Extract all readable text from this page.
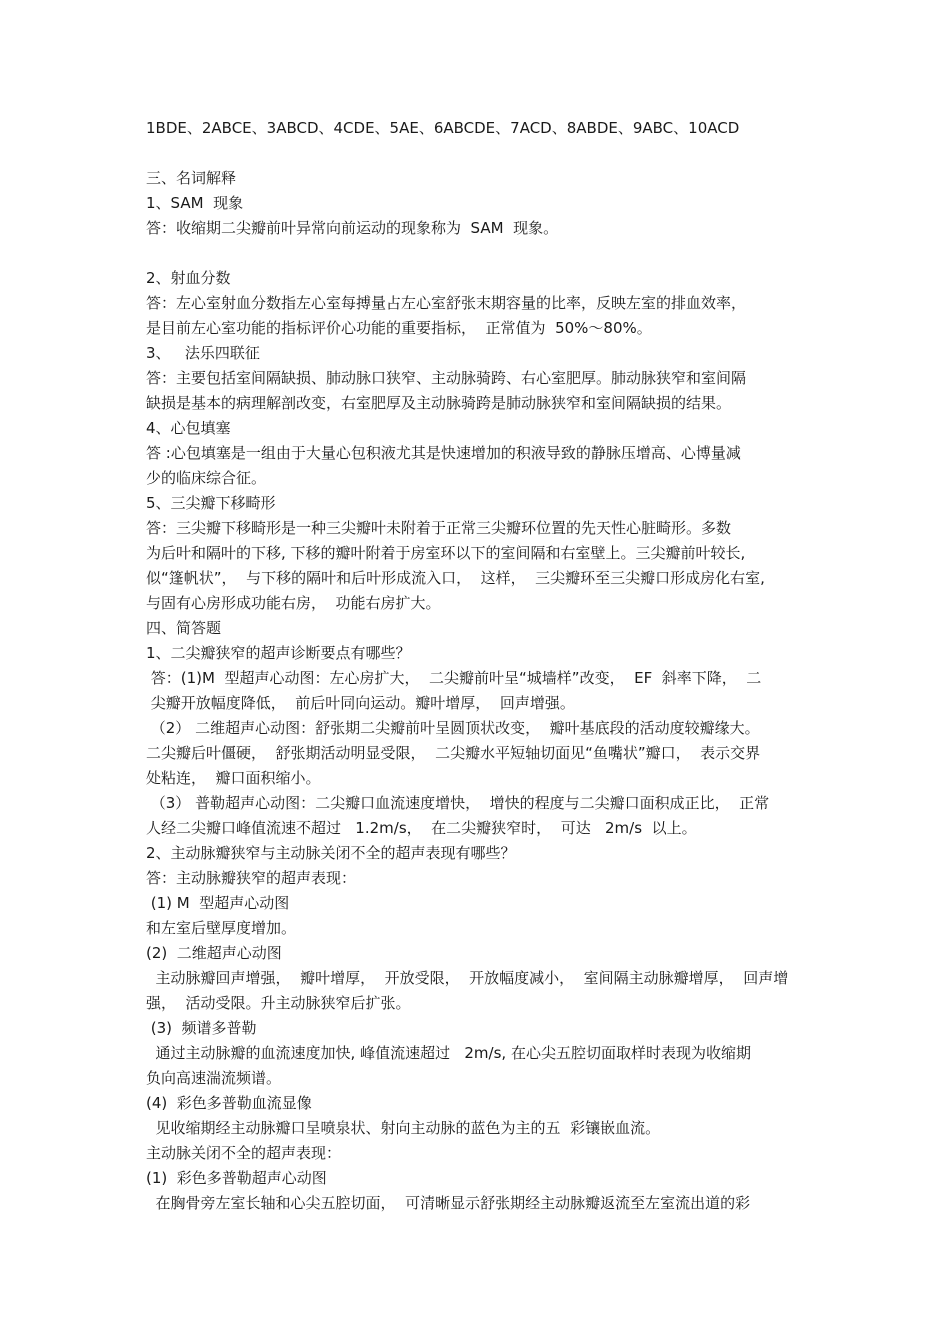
1BDE、2ABCE、3ABCD、4CDE、5AE、6ABCDE、7ACD、8ABDE、9ABC、10ACD
三、名词解释
1、SAM  现象
答：收缩期二尖瓣前叶异常向前运动的现象称为  SAM  现象。
2、射血分数
答：左心室射血分数指左心室每搏量占左心室舒张末期容量的比率，反映左室的排血效率，
是目前左心室功能的指标评价心功能的重要指标，  正常值为  50%～80%。
3、   法乐四联征
答：主要包括室间隔缺损、肺动脉口狭窄、主动脉骑跨、右心室肥厚。肺动脉狭窄和室间隔
缺损是基本的病理解剖改变，右室肥厚及主动脉骑跨是肺动脉狭窄和室间隔缺损的结果。
4、心包填塞
答 :心包填塞是一组由于大量心包积液尤其是快速增加的积液导致的静脉压增高、心博量减
少的临床综合征。
5、三尖瓣下移畸形
答：三尖瓣下移畸形是一种三尖瓣叶未附着于正常三尖瓣环位置的先天性心脏畸形。多数
为后叶和隔叶的下移, 下移的瓣叶附着于房室环以下的室间隔和右室壁上。三尖瓣前叶较长,
似“篷帆状”，  与下移的隔叶和后叶形成流入口，  这样，  三尖瓣环至三尖瓣口形成房化右室,
与固有心房形成功能右房，  功能右房扩大。
四、简答题
1、二尖瓣狭窄的超声诊断要点有哪些？
答：(1)M  型超声心动图：左心房扩大，  二尖瓣前叶呈“城墙样”改变，  EF  斜率下降，  二
尖瓣开放幅度降低，  前后叶同向运动。瓣叶增厚，  回声增强。
（2） 二维超声心动图：舒张期二尖瓣前叶呈圆顶状改变，  瓣叶基底段的活动度较瓣缘大。
二尖瓣后叶僵硬，  舒张期活动明显受限，  二尖瓣水平短轴切面见“鱼嘴状”瓣口，  表示交界
处粘连，  瓣口面积缩小。
（3） 普勒超声心动图：二尖瓣口血流速度增快，  增快的程度与二尖瓣口面积成正比，  正常
人经二尖瓣口峰值流速不超过   1.2m/s，  在二尖瓣狭窄时，  可达   2m/s  以上。
2、主动脉瓣狭窄与主动脉关闭不全的超声表现有哪些？
答：主动脉瓣狭窄的超声表现：
(1) M  型超声心动图
和左室后壁厚度增加。
(2)  二维超声心动图
主动脉瓣回声增强，  瓣叶增厚，  开放受限，  开放幅度减小，  室间隔主动脉瓣增厚，  回声增
强，  活动受限。升主动脉狭窄后扩张。
(3)  频谱多普勒
通过主动脉瓣的血流速度加快, 峰值流速超过   2m/s, 在心尖五腔切面取样时表现为收缩期
负向高速湍流频谱。
(4)  彩色多普勒血流显像
见收缩期经主动脉瓣口呈喷泉状、射向主动脉的蓝色为主的五  彩镶嵌血流。
主动脉关闭不全的超声表现：
(1)  彩色多普勒超声心动图
在胸骨旁左室长轴和心尖五腔切面，  可清晰显示舒张期经主动脉瓣返流至左室流出道的彩
